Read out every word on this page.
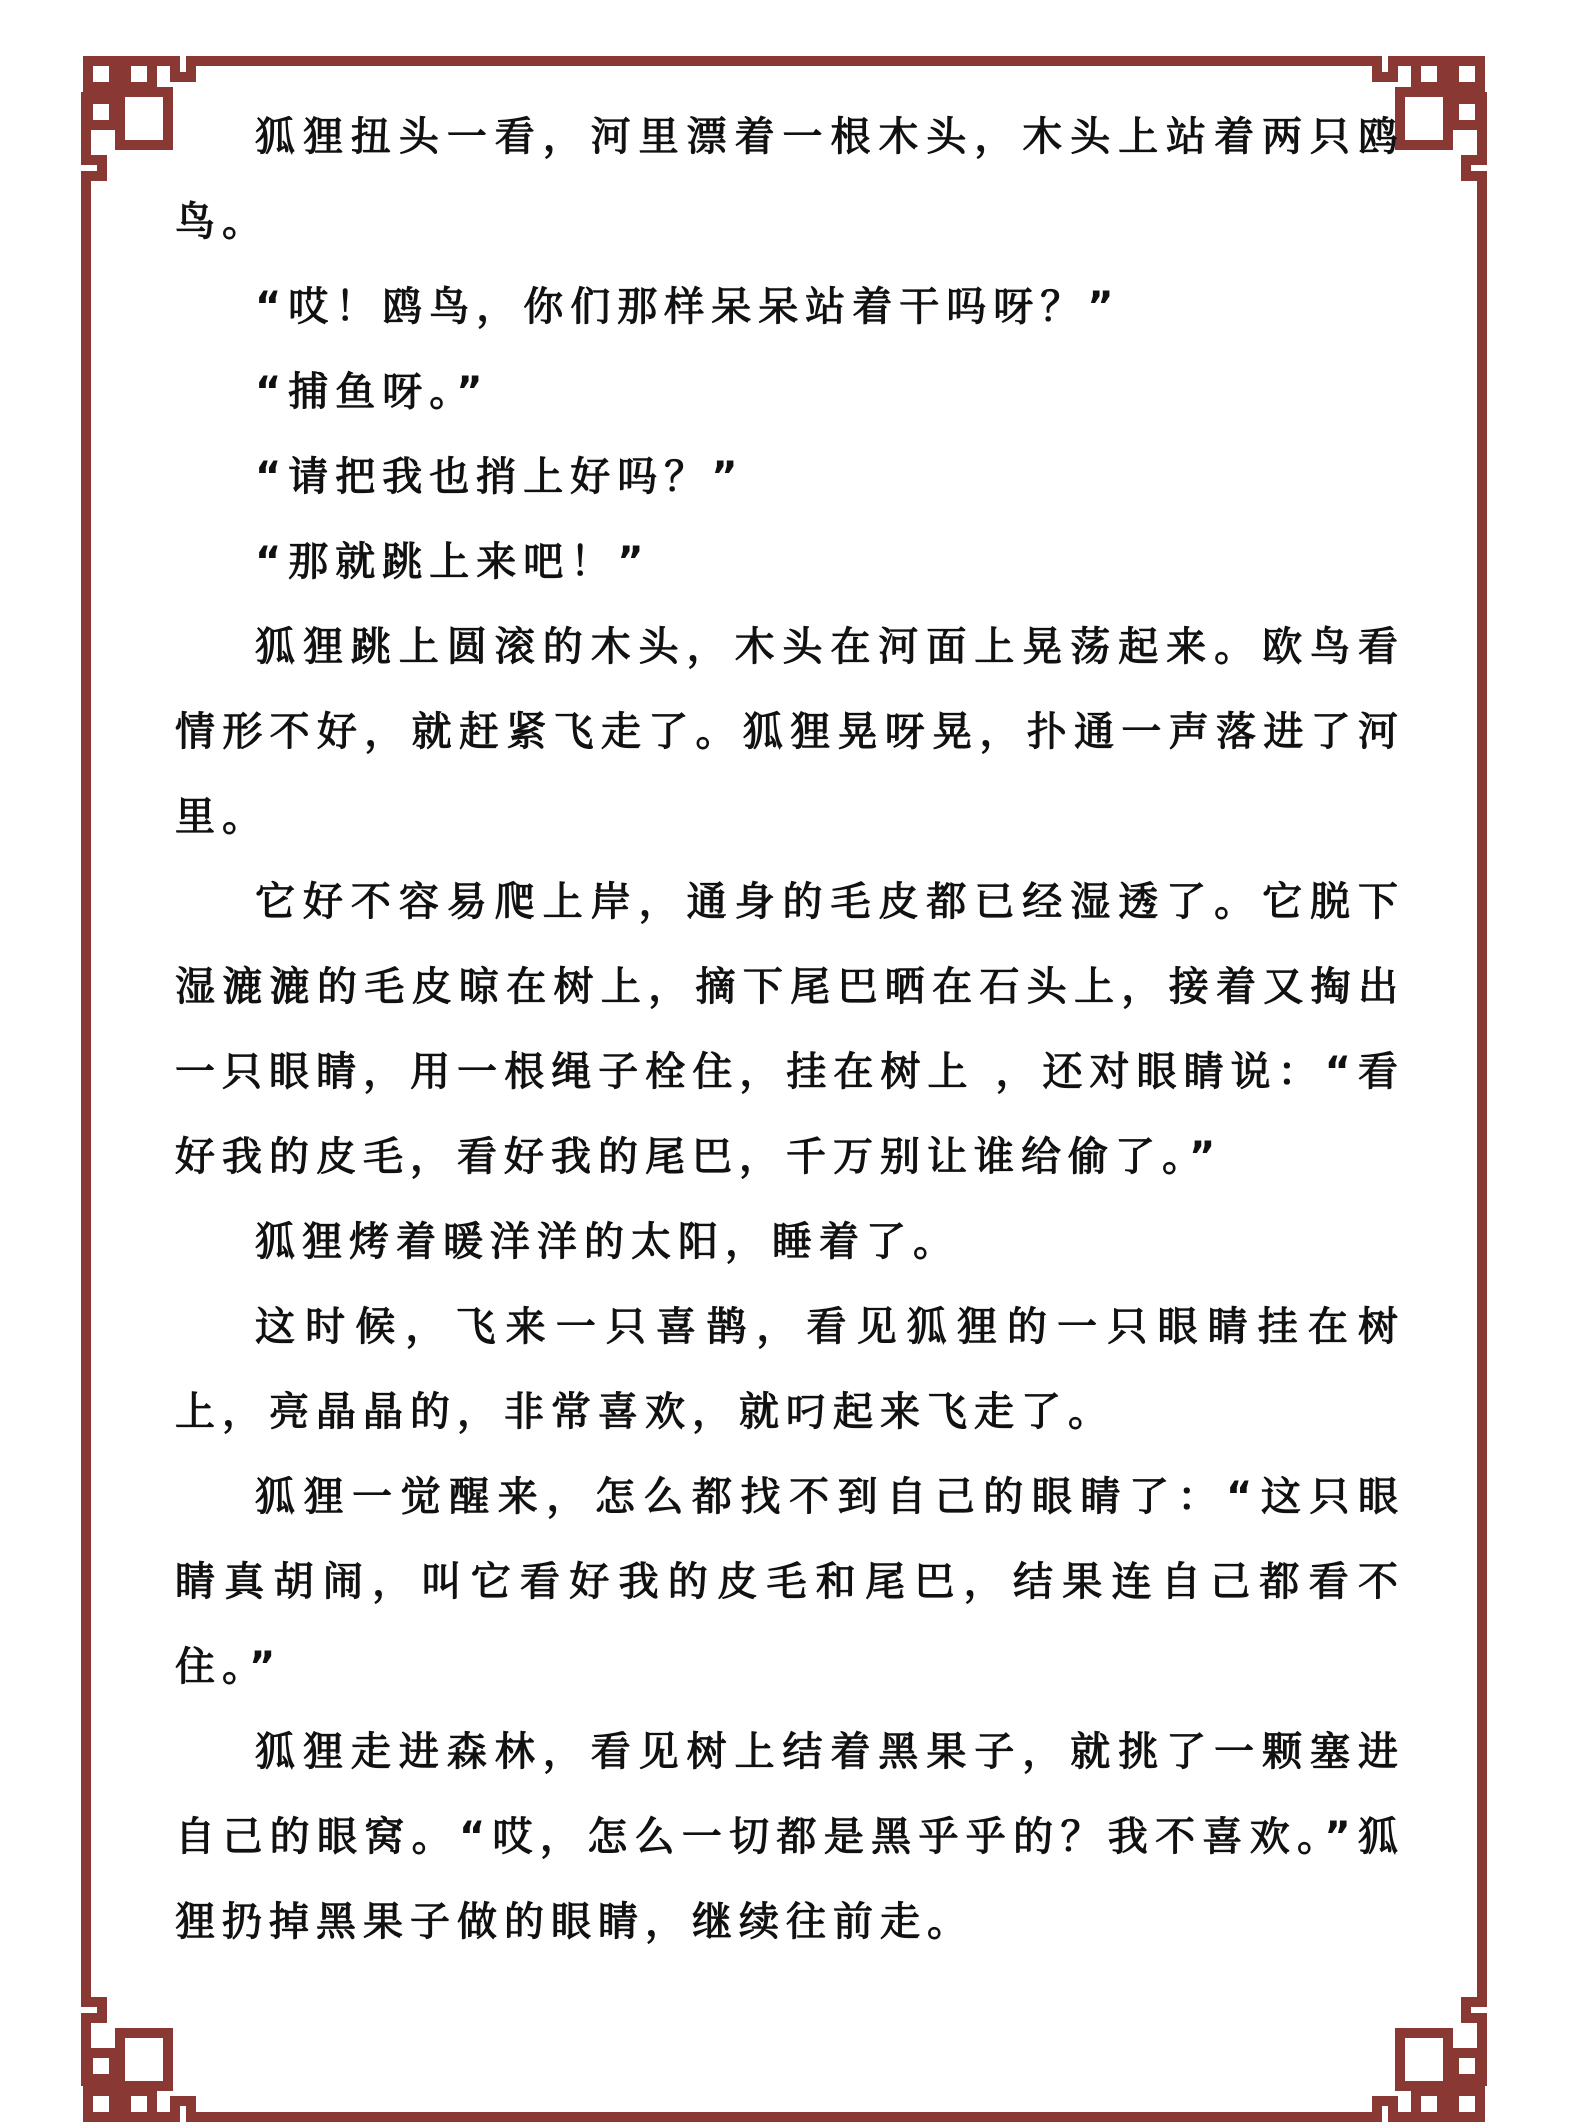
狐狸扭头一看，河里漂着一根木头，木头上站着两只鸥鸟。

“哎！鸥鸟，你们那样呆呆站着干吗呀？”

“捕鱼呀。”

“请把我也捎上好吗？”

“那就跳上来吧！”

狐狸跳上圆滚的木头，木头在河面上晃荡起来。欧鸟看情形不好，就赶紧飞走了。狐狸晃呀晃，扑通一声落进了河里。

它好不容易爬上岸，通身的毛皮都已经湿透了。它脱下湿漉漉的毛皮晾在树上，摘下尾巴晒在石头上，接着又掏出一只眼睛，用一根绳子栓住，挂在树上 ，还对眼睛说：“看好我的皮毛，看好我的尾巴，千万别让谁给偷了。”

狐狸烤着暖洋洋的太阳，睡着了。

这时候，飞来一只喜鹊，看见狐狸的一只眼睛挂在树上，亮晶晶的，非常喜欢，就叼起来飞走了。

狐狸一觉醒来，怎么都找不到自己的眼睛了：“这只眼睛真胡闹，叫它看好我的皮毛和尾巴，结果连自己都看不住。”

狐狸走进森林，看见树上结着黑果子，就挑了一颗塞进自己的眼窝。“哎，怎么一切都是黑乎乎的？我不喜欢。”狐狸扔掉黑果子做的眼睛，继续往前走。
